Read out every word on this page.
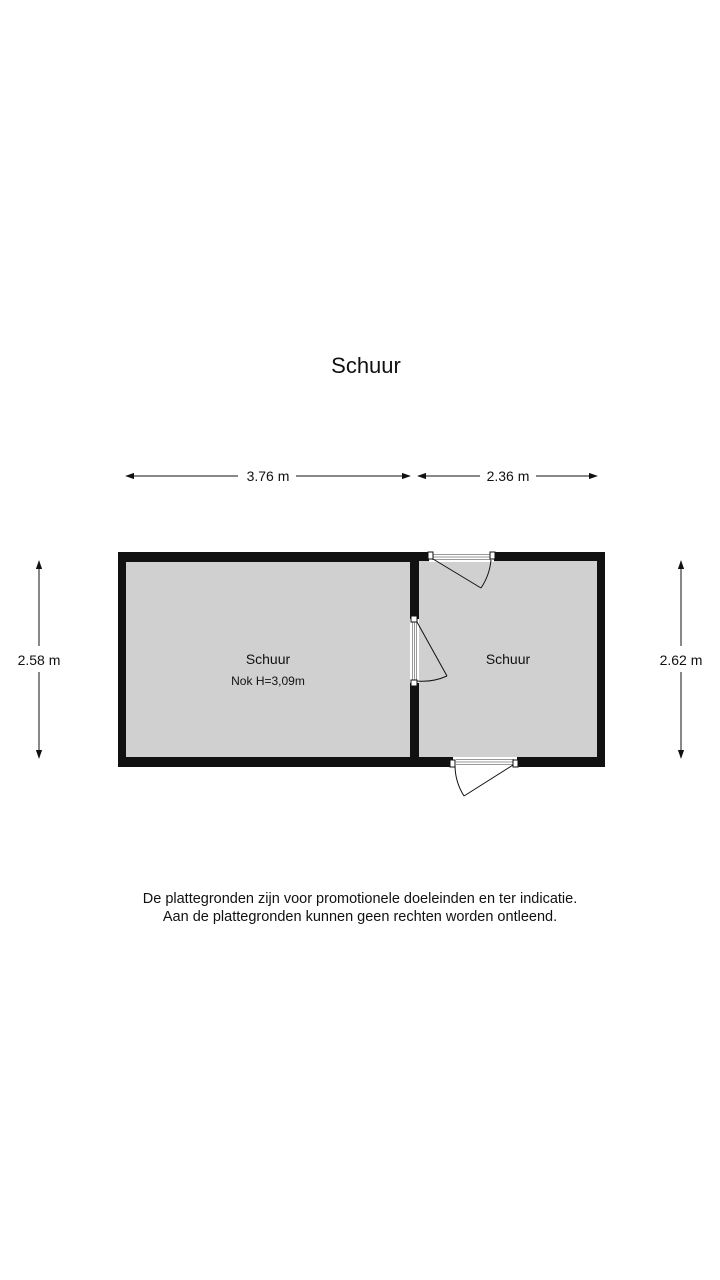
Schuur
3.76 m	2.36 m
2.58 m	2.62 m
Schuur
Nok H=3,09m
Schuur
De plattegronden zijn voor promotionele doeleinden en ter indicatie.
Aan de plattegronden kunnen geen rechten worden ontleend.
